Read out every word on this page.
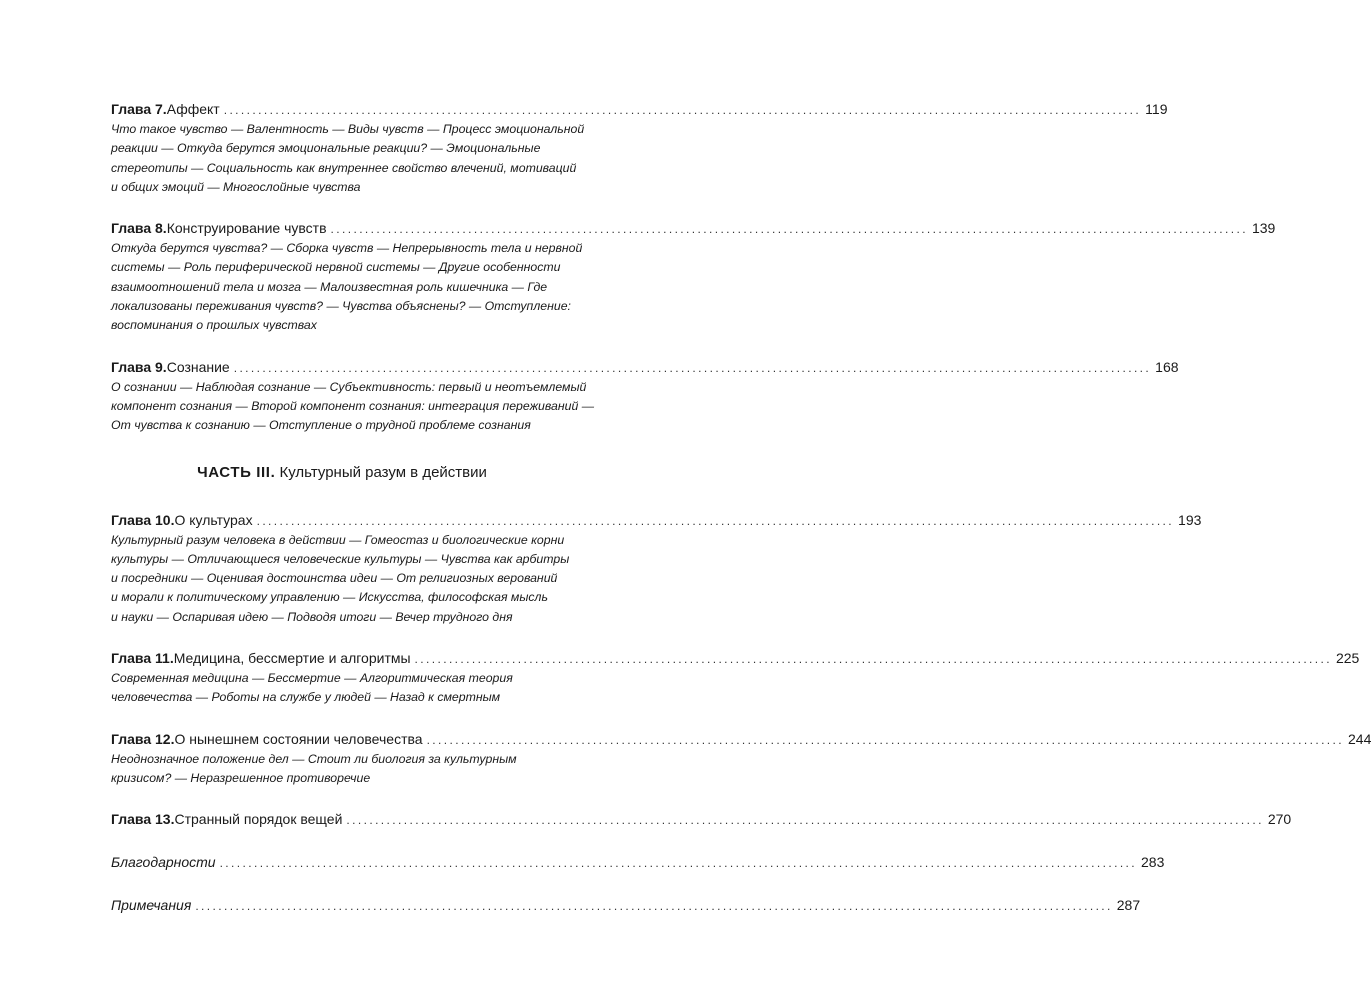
Глава 7. Аффект ................................................................................................................................................................ 119
Что такое чувство — Валентность — Виды чувств — Процесс эмоциональной
реакции — Откуда берутся эмоциональные реакции? — Эмоциональные
стереотипы — Социальность как внутреннее свойство влечений, мотиваций
и общих эмоций — Многослойные чувства
Глава 8. Конструирование чувств ................................................................................................................................................................ 139
Откуда берутся чувства? — Сборка чувств — Непрерывность тела и нервной
системы — Роль периферической нервной системы — Другие особенности
взаимоотношений тела и мозга — Малоизвестная роль кишечника — Где
локализованы переживания чувств? — Чувства объяснены? — Отступление:
воспоминания о прошлых чувствах
Глава 9. Сознание ................................................................................................................................................................ 168
О сознании — Наблюдая сознание — Субъективность: первый и неотъемлемый
компонент сознания — Второй компонент сознания: интеграция переживаний —
От чувства к сознанию — Отступление о трудной проблеме сознания
ЧАСТЬ III. Культурный разум в действии
Глава 10. О культурах ................................................................................................................................................................ 193
Культурный разум человека в действии — Гомеостаз и биологические корни
культуры — Отличающиеся человеческие культуры — Чувства как арбитры
и посредники — Оценивая достоинства идеи — От религиозных верований
и морали к политическому управлению — Искусства, философская мысль
и науки — Оспаривая идею — Подводя итоги — Вечер трудного дня
Глава 11. Медицина, бессмертие и алгоритмы ................................................................................................................................................................ 225
Современная медицина — Бессмертие — Алгоритмическая теория
человечества — Роботы на службе у людей — Назад к смертным
Глава 12. О нынешнем состоянии человечества ................................................................................................................................................................ 244
Неоднозначное положение дел — Стоит ли биология за культурным
кризисом? — Неразрешенное противоречие
Глава 13. Странный порядок вещей ................................................................................................................................................................ 270
Благодарности ................................................................................................................................................................ 283
Примечания ................................................................................................................................................................ 287
